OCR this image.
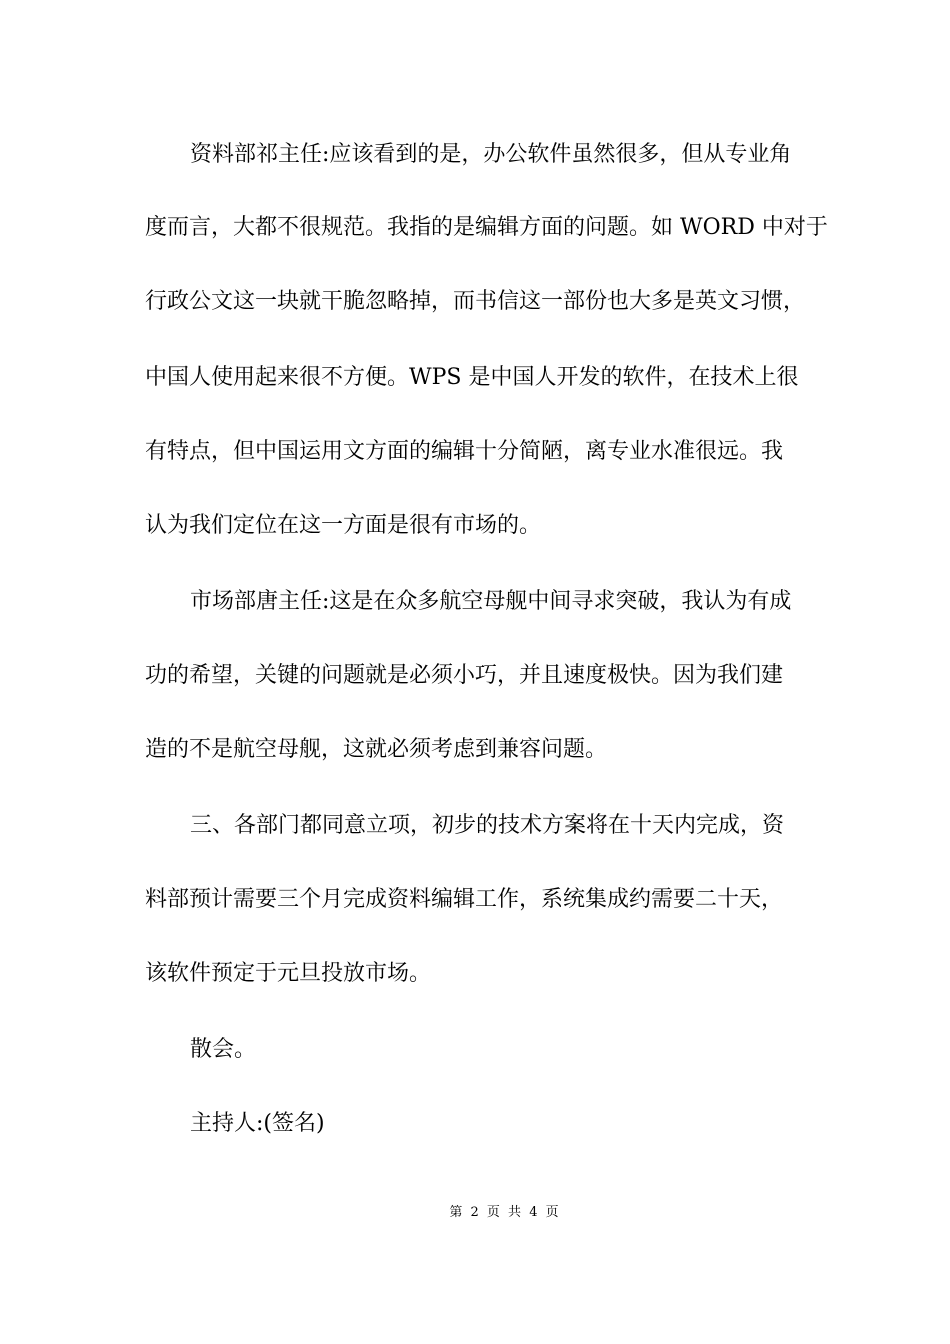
资料部祁主任:应该看到的是，办公软件虽然很多，但从专业角
度而言，大都不很规范。我指的是编辑方面的问题。如 WORD 中对于
行政公文这一块就干脆忽略掉，而书信这一部份也大多是英文习惯，
中国人使用起来很不方便。WPS 是中国人开发的软件，在技术上很
有特点，但中国运用文方面的编辑十分简陋，离专业水准很远。我
认为我们定位在这一方面是很有市场的。
市场部唐主任:这是在众多航空母舰中间寻求突破，我认为有成
功的希望，关键的问题就是必须小巧，并且速度极快。因为我们建
造的不是航空母舰，这就必须考虑到兼容问题。
三、各部门都同意立项，初步的技术方案将在十天内完成，资
料部预计需要三个月完成资料编辑工作，系统集成约需要二十天，
该软件预定于元旦投放市场。
散会。
主持人:(签名)
第 2 页 共 4 页
